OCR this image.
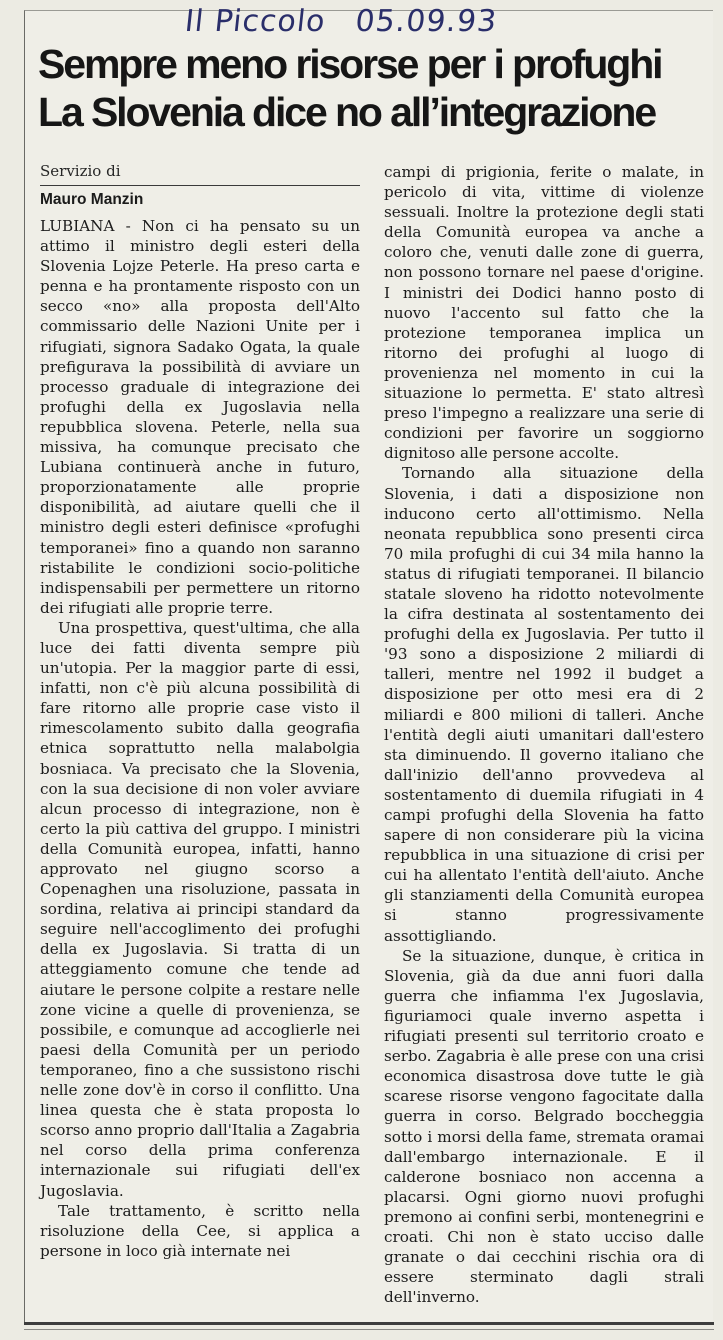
Il Piccolo 05.09.93
Sempre meno risorse per i profughi
La Slovenia dice no all’integrazione
Servizio di
Mauro Manzin

LUBIANA - Non ci ha pensato su un attimo il ministro degli esteri della Slovenia Lojze Peterle. Ha preso carta e penna e ha prontamente risposto con un secco «no» alla proposta dell'Alto commissario delle Nazioni Unite per i rifugiati, signora Sadako Ogata, la quale prefigurava la possibilità di avviare un processo graduale di integrazione dei profughi della ex Jugoslavia nella repubblica slovena. Peterle, nella sua missiva, ha comunque precisato che Lubiana continuerà anche in futuro, proporzionatamente alle proprie disponibilità, ad aiutare quelli che il ministro degli esteri definisce «profughi temporanei» fino a quando non saranno ristabilite le condizioni socio-politiche indispensabili per permettere un ritorno dei rifugiati alle proprie terre.

Una prospettiva, quest'ultima, che alla luce dei fatti diventa sempre più un'utopia. Per la maggior parte di essi, infatti, non c'è più alcuna possibilità di fare ritorno alle proprie case visto il rimescolamento subito dalla geografia etnica soprattutto nella malabolgia bosniaca. Va precisato che la Slovenia, con la sua decisione di non voler avviare alcun processo di integrazione, non è certo la più cattiva del gruppo. I ministri della Comunità europea, infatti, hanno approvato nel giugno scorso a Copenaghen una risoluzione, passata in sordina, relativa ai principi standard da seguire nell'accoglimento dei profughi della ex Jugoslavia. Si tratta di un atteggiamento comune che tende ad aiutare le persone colpite a restare nelle zone vicine a quelle di provenienza, se possibile, e comunque ad accoglierle nei paesi della Comunità per un periodo temporaneo, fino a che sussistono rischi nelle zone dov'è in corso il conflitto. Una linea questa che è stata proposta lo scorso anno proprio dall'Italia a Zagabria nel corso della prima conferenza internazionale sui rifugiati dell'ex Jugoslavia.

Tale trattamento, è scritto nella risoluzione della Cee, si applica a persone in loco già internate nei

campi di prigionia, ferite o malate, in pericolo di vita, vittime di violenze sessuali. Inoltre la protezione degli stati della Comunità europea va anche a coloro che, venuti dalle zone di guerra, non possono tornare nel paese d'origine. I ministri dei Dodici hanno posto di nuovo l'accento sul fatto che la protezione temporanea implica un ritorno dei profughi al luogo di provenienza nel momento in cui la situazione lo permetta. E' stato altresì preso l'impegno a realizzare una serie di condizioni per favorire un soggiorno dignitoso alle persone accolte.

Tornando alla situazione della Slovenia, i dati a disposizione non inducono certo all'ottimismo. Nella neonata repubblica sono presenti circa 70 mila profughi di cui 34 mila hanno la status di rifugiati temporanei. Il bilancio statale sloveno ha ridotto notevolmente la cifra destinata al sostentamento dei profughi della ex Jugoslavia. Per tutto il '93 sono a disposizione 2 miliardi di talleri, mentre nel 1992 il budget a disposizione per otto mesi era di 2 miliardi e 800 milioni di talleri. Anche l'entità degli aiuti umanitari dall'estero sta diminuendo. Il governo italiano che dall'inizio dell'anno provvedeva al sostentamento di duemila rifugiati in 4 campi profughi della Slovenia ha fatto sapere di non considerare più la vicina repubblica in una situazione di crisi per cui ha allentato l'entità dell'aiuto. Anche gli stanziamenti della Comunità europea si stanno progressivamente assottigliando.

Se la situazione, dunque, è critica in Slovenia, già da due anni fuori dalla guerra che infiamma l'ex Jugoslavia, figuriamoci quale inverno aspetta i rifugiati presenti sul territorio croato e serbo. Zagabria è alle prese con una crisi economica disastrosa dove tutte le già scarese risorse vengono fagocitate dalla guerra in corso. Belgrado boccheggia sotto i morsi della fame, stremata oramai dall'embargo internazionale. E il calderone bosniaco non accenna a placarsi. Ogni giorno nuovi profughi premono ai confini serbi, montenegrini e croati. Chi non è stato ucciso dalle granate o dai cecchini rischia ora di essere sterminato dagli strali dell'inverno.
